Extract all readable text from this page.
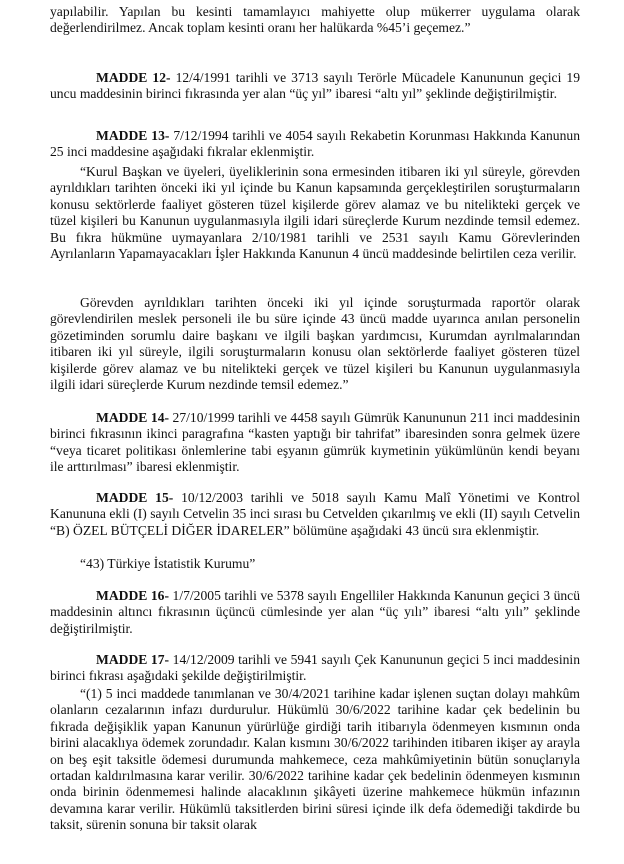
yapılabilir. Yapılan bu kesinti tamamlayıcı mahiyette olup mükerrer uygulama olarak değerlendirilmez. Ancak toplam kesinti oranı her halükarda %45’i geçemez.”

MADDE 12- 12/4/1991 tarihli ve 3713 sayılı Terörle Mücadele Kanununun geçici 19 uncu maddesinin birinci fıkrasında yer alan “üç yıl” ibaresi “altı yıl” şeklinde değiştirilmiştir.

MADDE 13- 7/12/1994 tarihli ve 4054 sayılı Rekabetin Korunması Hakkında Kanunun 25 inci maddesine aşağıdaki fıkralar eklenmiştir.

“Kurul Başkan ve üyeleri, üyeliklerinin sona ermesinden itibaren iki yıl süreyle, görevden ayrıldıkları tarihten önceki iki yıl içinde bu Kanun kapsamında gerçekleştirilen soruşturmaların konusu sektörlerde faaliyet gösteren tüzel kişilerde görev alamaz ve bu nitelikteki gerçek ve tüzel kişileri bu Kanunun uygulanmasıyla ilgili idari süreçlerde Kurum nezdinde temsil edemez. Bu fıkra hükmüne uymayanlara 2/10/1981 tarihli ve 2531 sayılı Kamu Görevlerinden Ayrılanların Yapamayacakları İşler Hakkında Kanunun 4 üncü maddesinde belirtilen ceza verilir.

Görevden ayrıldıkları tarihten önceki iki yıl içinde soruşturmada raportör olarak görevlendirilen meslek personeli ile bu süre içinde 43 üncü madde uyarınca anılan personelin gözetiminden sorumlu daire başkanı ve ilgili başkan yardımcısı, Kurumdan ayrılmalarından itibaren iki yıl süreyle, ilgili soruşturmaların konusu olan sektörlerde faaliyet gösteren tüzel kişilerde görev alamaz ve bu nitelikteki gerçek ve tüzel kişileri bu Kanunun uygulanmasıyla ilgili idari süreçlerde Kurum nezdinde temsil edemez.”

MADDE 14- 27/10/1999 tarihli ve 4458 sayılı Gümrük Kanununun 211 inci maddesinin birinci fıkrasının ikinci paragrafına “kasten yaptığı bir tahrifat” ibaresinden sonra gelmek üzere “veya ticaret politikası önlemlerine tabi eşyanın gümrük kıymetinin yükümlünün kendi beyanı ile arttırılması” ibaresi eklenmiştir.

MADDE 15- 10/12/2003 tarihli ve 5018 sayılı Kamu Malî Yönetimi ve Kontrol Kanununa ekli (I) sayılı Cetvelin 35 inci sırası bu Cetvelden çıkarılmış ve ekli (II) sayılı Cetvelin “B) ÖZEL BÜTÇELİ DİĞER İDARELER” bölümüne aşağıdaki 43 üncü sıra eklenmiştir.

“43) Türkiye İstatistik Kurumu”

MADDE 16- 1/7/2005 tarihli ve 5378 sayılı Engelliler Hakkında Kanunun geçici 3 üncü maddesinin altıncı fıkrasının üçüncü cümlesinde yer alan “üç yılı” ibaresi “altı yılı” şeklinde değiştirilmiştir.

MADDE 17- 14/12/2009 tarihli ve 5941 sayılı Çek Kanununun geçici 5 inci maddesinin birinci fıkrası aşağıdaki şekilde değiştirilmiştir.

“(1) 5 inci maddede tanımlanan ve 30/4/2021 tarihine kadar işlenen suçtan dolayı mahkûm olanların cezalarının infazı durdurulur. Hükümlü 30/6/2022 tarihine kadar çek bedelinin bu fıkrada değişiklik yapan Kanunun yürürlüğe girdiği tarih itibarıyla ödenmeyen kısmının onda birini alacaklıya ödemek zorundadır. Kalan kısmını 30/6/2022 tarihinden itibaren ikişer ay arayla on beş eşit taksitle ödemesi durumunda mahkemece, ceza mahkûmiyetinin bütün sonuçlarıyla ortadan kaldırılmasına karar verilir. 30/6/2022 tarihine kadar çek bedelinin ödenmeyen kısmının onda birinin ödenmemesi halinde alacaklının şikâyeti üzerine mahkemece hükmün infazının devamına karar verilir. Hükümlü taksitlerden birini süresi içinde ilk defa ödemediği takdirde bu taksit, sürenin sonuna bir taksit olarak
